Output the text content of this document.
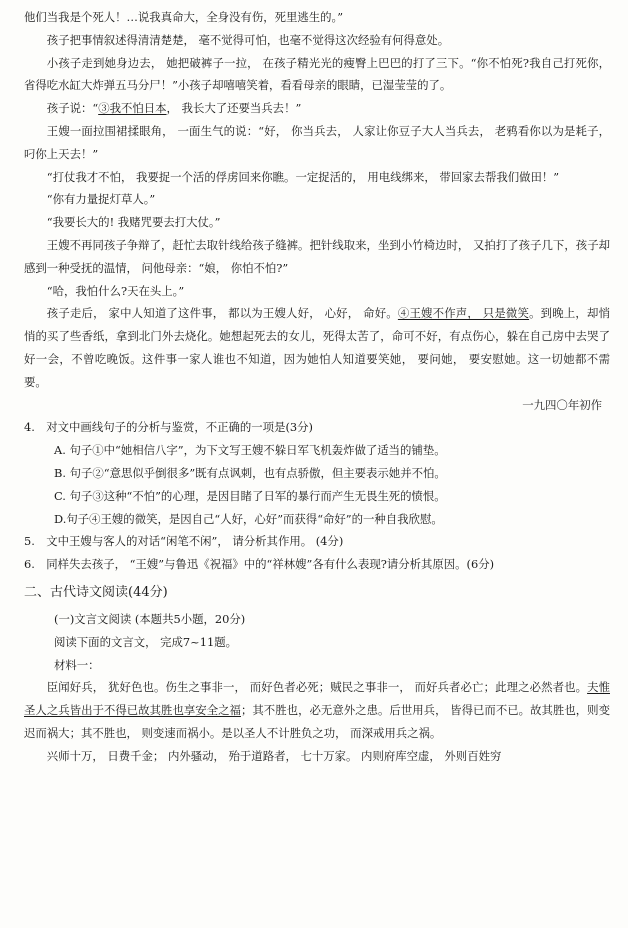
他们当我是个死人！…说我真命大，全身没有伤，死里逃生的。”

孩子把事情叙述得清清楚楚， 毫不觉得可怕，也毫不觉得这次经验有何得意处。

小孩子走到她身边去， 她把破裤子一拉， 在孩子精光光的瘦臀上巴巴的打了三下。“你不怕死?我自己打死你，省得吃水缸大炸弹五马分尸！”小孩子却嘻嘻笑着，看看母亲的眼睛，已湿莹莹的了。

孩子说：“③我不怕日本， 我长大了还要当兵去！”

王嫂一面拉围裙揉眼角， 一面生气的说：“好， 你当兵去， 人家让你豆子大人当兵去， 老鸦看你以为是耗子，叼你上天去！”

“打仗我才不怕， 我要捉一个活的俘虏回来你瞧。一定捉活的， 用电线绑来， 带回家去帮我们做田！”

“你有力量捉灯草人。”

“我要长大的! 我赌咒要去打大仗。”

王嫂不再同孩子争辩了，赶忙去取针线给孩子缝裤。把针线取来，坐到小竹椅边时， 又拍打了孩子几下，孩子却感到一种受抚的温情， 问他母亲：“娘， 你怕不怕?”

“哈，我怕什么?天在头上。”

孩子走后， 家中人知道了这件事， 都以为王嫂人好， 心好， 命好。④王嫂不作声， 只是微笑。到晚上，却悄悄的买了些香纸，拿到北门外去烧化。她想起死去的女儿，死得太苦了，命可不好，有点伤心，躲在自己房中去哭了好一会，不曾吃晚饭。这件事一家人谁也不知道，因为她怕人知道要笑她， 要问她， 要安慰她。这一切她都不需要。

一九四〇年初作

4.　对文中画线句子的分析与鉴赏，不正确的一项是(3分)

A. 句子①中“她相信八字”，为下文写王嫂不躲日军飞机轰炸做了适当的铺垫。

B. 句子②“意思似乎倒很多”既有点讽刺，也有点骄傲，但主要表示她并不怕。

C. 句子③这种“不怕”的心理，是因目睹了日军的暴行而产生无畏生死的愤恨。

D.句子④王嫂的微笑，是因自己“人好，心好”而获得“命好”的一种自我欣慰。

5.　文中王嫂与客人的对话“闲笔不闲”， 请分析其作用。 (4分)

6.　同样失去孩子， “王嫂”与鲁迅《祝福》中的“祥林嫂”各有什么表现?请分析其原因。(6分)

二、古代诗文阅读(44分)

(一)文言文阅读 (本题共5小题，20分)

阅读下面的文言文， 完成7~11题。

材料一：

臣闻好兵， 犹好色也。伤生之事非一， 而好色者必死；贼民之事非一， 而好兵者必亡；此理之必然者也。夫惟圣人之兵皆出于不得已故其胜也享安全之福；其不胜也，必无意外之患。后世用兵， 皆得已而不已。故其胜也，则变迟而祸大；其不胜也， 则变速而祸小。是以圣人不计胜负之功， 而深戒用兵之祸。

兴师十万， 日费千金； 内外骚动， 殆于道路者， 七十万家。 内则府库空虚， 外则百姓穷
